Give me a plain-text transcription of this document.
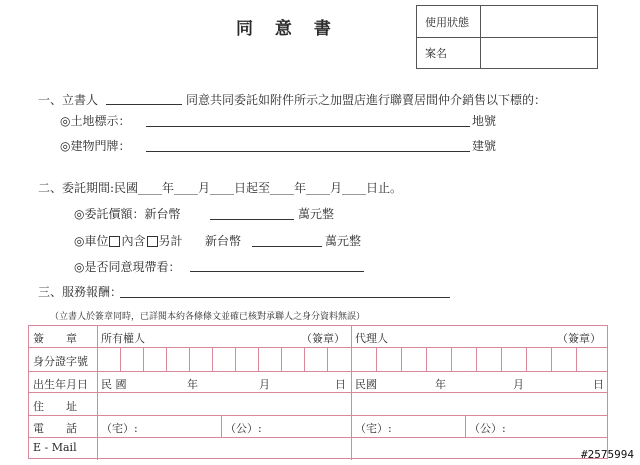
同 意 書	使用狀態
案名
一、立書人	同意共同委託如附件所示之加盟店進行聯賣居間仲介銷售以下標的：
◎土地標示：	地號
◎建物門牌：	建號
二、委託期間:民國____年____月____日起至____年____月____日止。
◎委託價額：新台幣	萬元整
◎車位 內含 另計 新台幣	萬元整
◎是否同意現帶看：
三、服務報酬：
（立書人於簽章同時，已詳閱本約各條條文並確已核對承聯人之身分資料無誤）
簽　　章 所有權人	（簽章） 代理人	（簽章）
身分證字號
出生年月日 民 國	年	月	日 民國	年	月	日
住　　址
電　　話 （宅）:	（公）:	（宅）:	（公）:
E - Mail
#2575994
